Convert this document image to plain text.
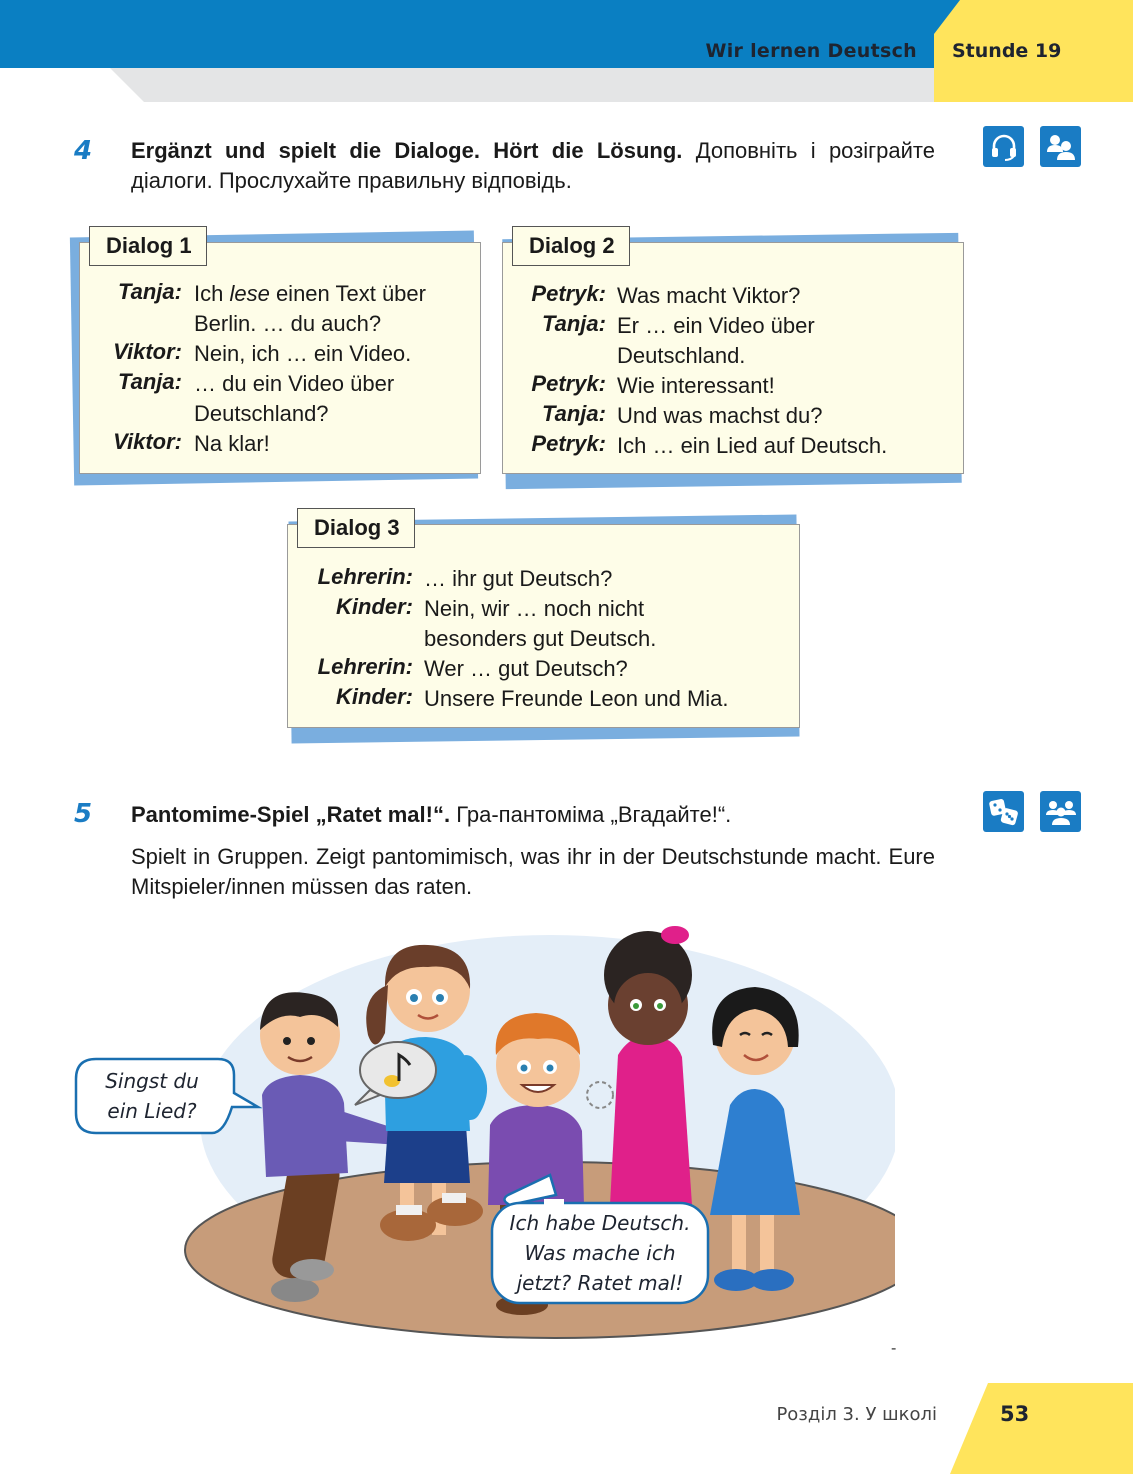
Wir lernen Deutsch Stunde 19
4 Ergänzt und spielt die Dialoge. Hört die Lösung. Доповніть і розіграйте діалоги. Прослухайте правильну відповідь.
Dialog 1
Tanja: Ich lese einen Text über
Berlin. … du auch?
Viktor: Nein, ich … ein Video.
Tanja: … du ein Video über
Deutschland?
Viktor: Na klar!
Dialog 2
Petryk: Was macht Viktor?
Tanja: Er … ein Video über
Deutschland.
Petryk: Wie interessant!
Tanja: Und was machst du?
Petryk: Ich … ein Lied auf Deutsch.
Dialog 3
Lehrerin: … ihr gut Deutsch?
Kinder: Nein, wir … noch nicht
besonders gut Deutsch.
Lehrerin: Wer … gut Deutsch?
Kinder: Unsere Freunde Leon und Mia.
5 Pantomime-Spiel „Ratet mal!“. Гра-пантоміма „Вгадайте!“.
Spielt in Gruppen. Zeigt pantomimisch, was ihr in der Deutschstunde macht. Eure Mitspieler/innen müssen das raten.
Singst du
ein Lied?
Ich habe Deutsch.
Was mache ich
jetzt? Ratet mal!
-
Розділ 3. У школі	53
